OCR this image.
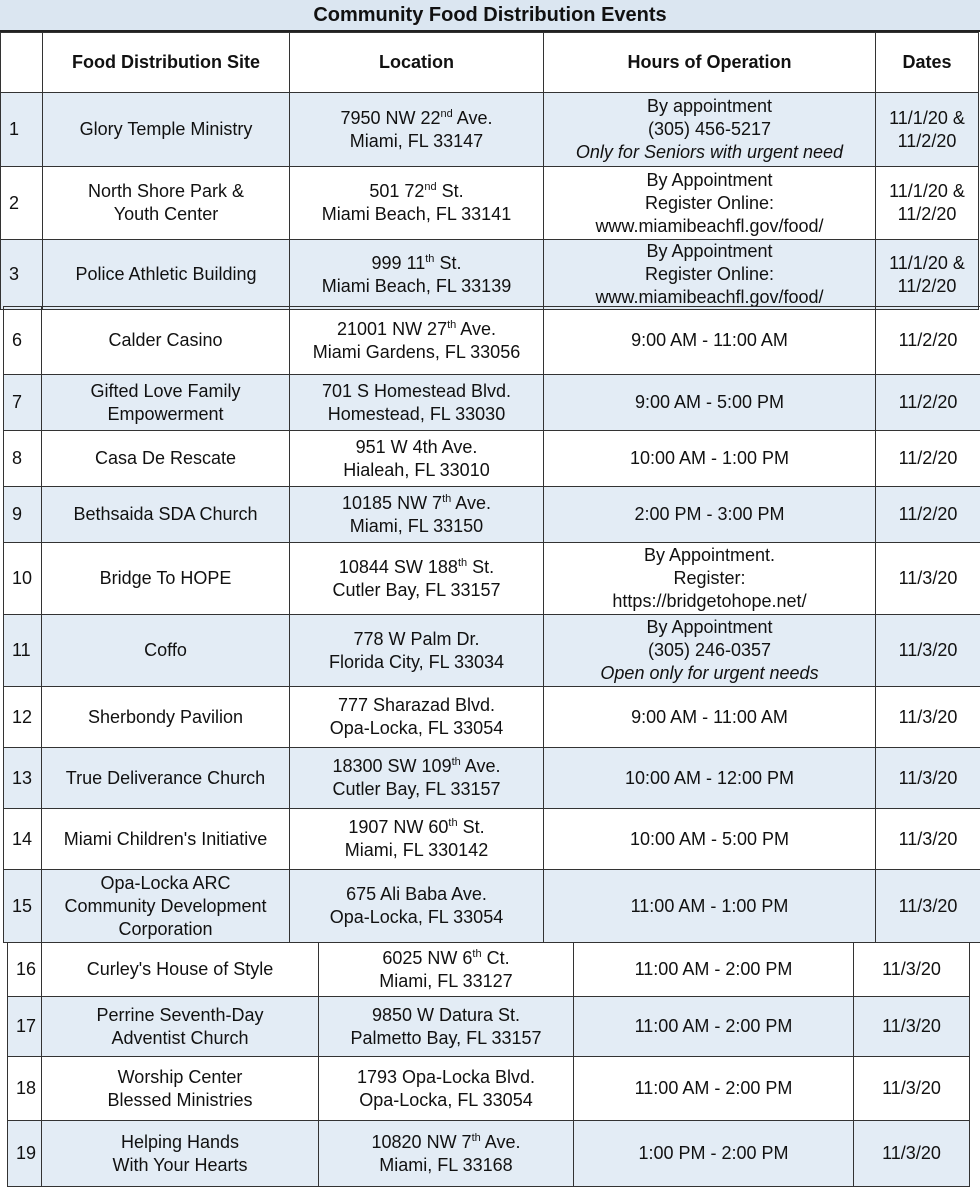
Community Food Distribution Events
	Food Distribution Site	Location	Hours of Operation	Dates
1	Glory Temple Ministry	7950 NW 22nd Ave.
Miami, FL 33147	By appointment
(305) 456-5217
Only for Seniors with urgent need	11/1/20 &
11/2/20

2	North Shore Park &
Youth Center	501 72nd St.
Miami Beach, FL 33141	By Appointment
Register Online:
www.miamibeachfl.gov/food/	11/1/20 &
11/2/20

3	Police Athletic Building	999 11th St.
Miami Beach, FL 33139	By Appointment
Register Online:
www.miamibeachfl.gov/food/	11/1/20 &
11/2/20
6	Calder Casino	21001 NW 27th Ave.
Miami Gardens, FL 33056	9:00 AM - 11:00 AM	11/2/20

7	Gifted Love Family
Empowerment	701 S Homestead Blvd.
Homestead, FL 33030	9:00 AM - 5:00 PM	11/2/20

8	Casa De Rescate	951 W 4th Ave.
Hialeah, FL 33010	10:00 AM - 1:00 PM	11/2/20

9	Bethsaida SDA Church	10185 NW 7th Ave.
Miami, FL 33150	2:00 PM - 3:00 PM	11/2/20

10	Bridge To HOPE	10844 SW 188th St.
Cutler Bay, FL 33157	By Appointment.
Register:
https://bridgetohope.net/	11/3/20

11	Coffo	778 W Palm Dr.
Florida City, FL 33034	By Appointment
(305) 246-0357
Open only for urgent needs	11/3/20

12	Sherbondy Pavilion	777 Sharazad Blvd.
Opa-Locka, FL 33054	9:00 AM - 11:00 AM	11/3/20

13	True Deliverance Church	18300 SW 109th Ave.
Cutler Bay, FL 33157	10:00 AM - 12:00 PM	11/3/20

14	Miami Children's Initiative	1907 NW 60th St.
Miami, FL 330142	10:00 AM - 5:00 PM	11/3/20

15	Opa-Locka ARC
Community Development
Corporation	675 Ali Baba Ave.
Opa-Locka, FL 33054	11:00 AM - 1:00 PM	11/3/20
16	Curley's House of Style	6025 NW 6th Ct.
Miami, FL 33127	11:00 AM - 2:00 PM	11/3/20

17	Perrine Seventh-Day
Adventist Church	9850 W Datura St.
Palmetto Bay, FL 33157	11:00 AM - 2:00 PM	11/3/20

18	Worship Center
Blessed Ministries	1793 Opa-Locka Blvd.
Opa-Locka, FL 33054	11:00 AM - 2:00 PM	11/3/20

19	Helping Hands
With Your Hearts	10820 NW 7th Ave.
Miami, FL 33168	1:00 PM - 2:00 PM	11/3/20
